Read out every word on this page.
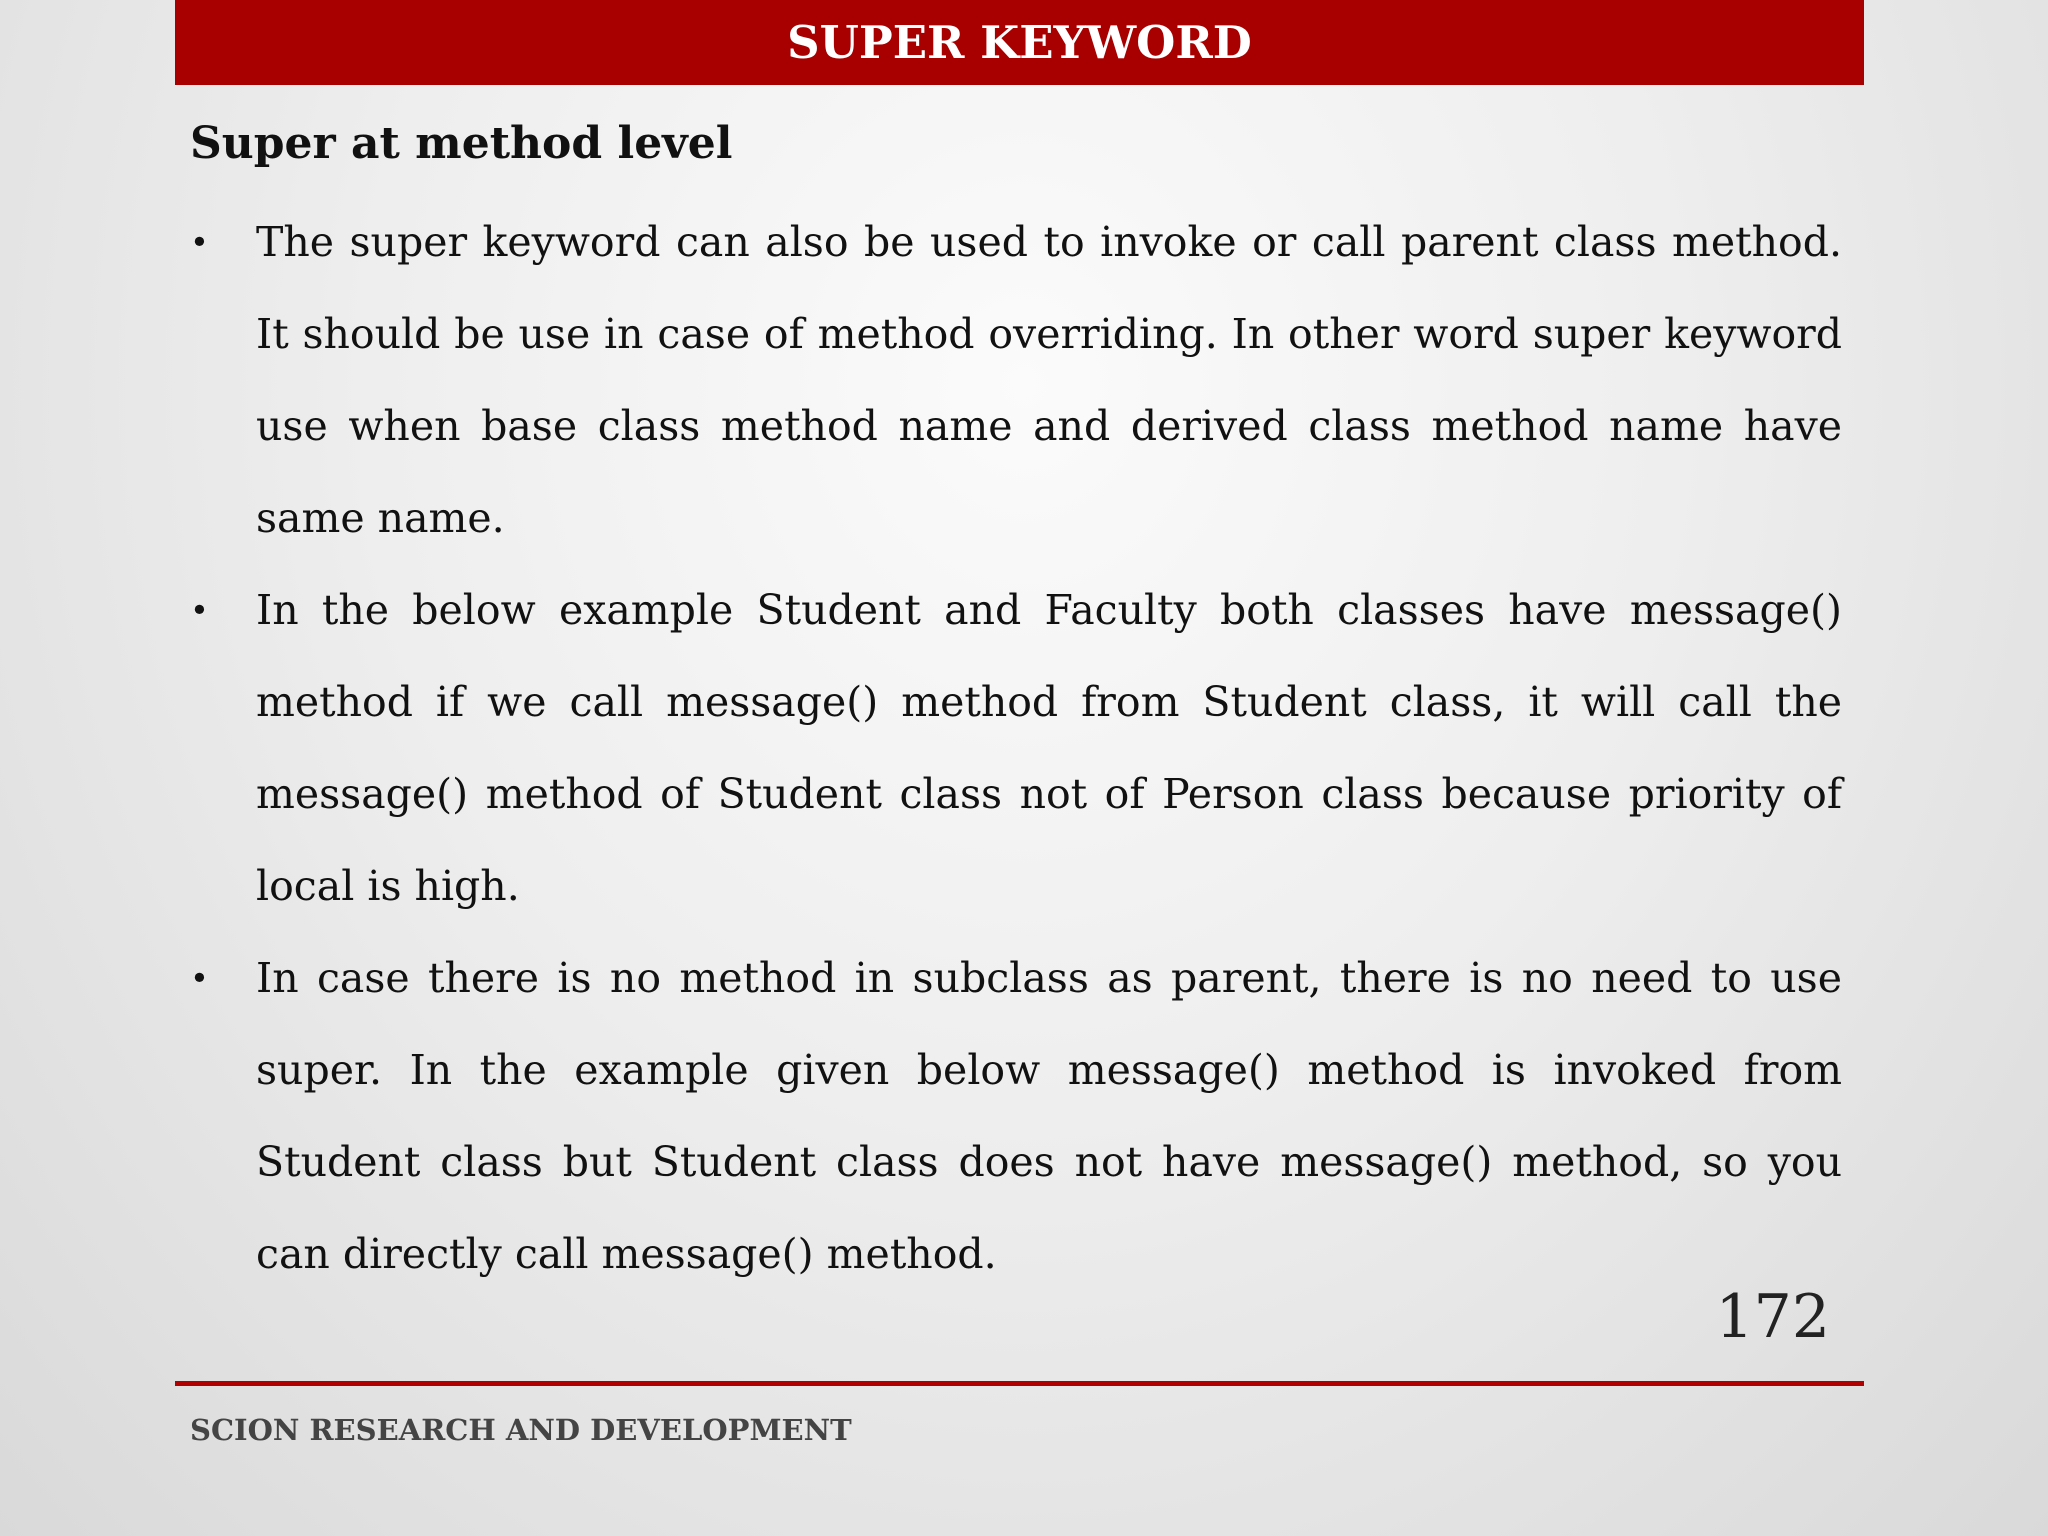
SUPER KEYWORD
Super at method level
• The super keyword can also be used to invoke or call parent class method. It should be use in case of method overriding. In other word super keyword use when base class method name and derived class method name have same name.
• In the below example Student and Faculty both classes have message() method if we call message() method from Student class, it will call the message() method of Student class not of Person class because priority of local is high.
• In case there is no method in subclass as parent, there is no need to use super. In the example given below message() method is invoked from Student class but Student class does not have message() method, so you can directly call message() method.
172
SCION RESEARCH AND DEVELOPMENT
